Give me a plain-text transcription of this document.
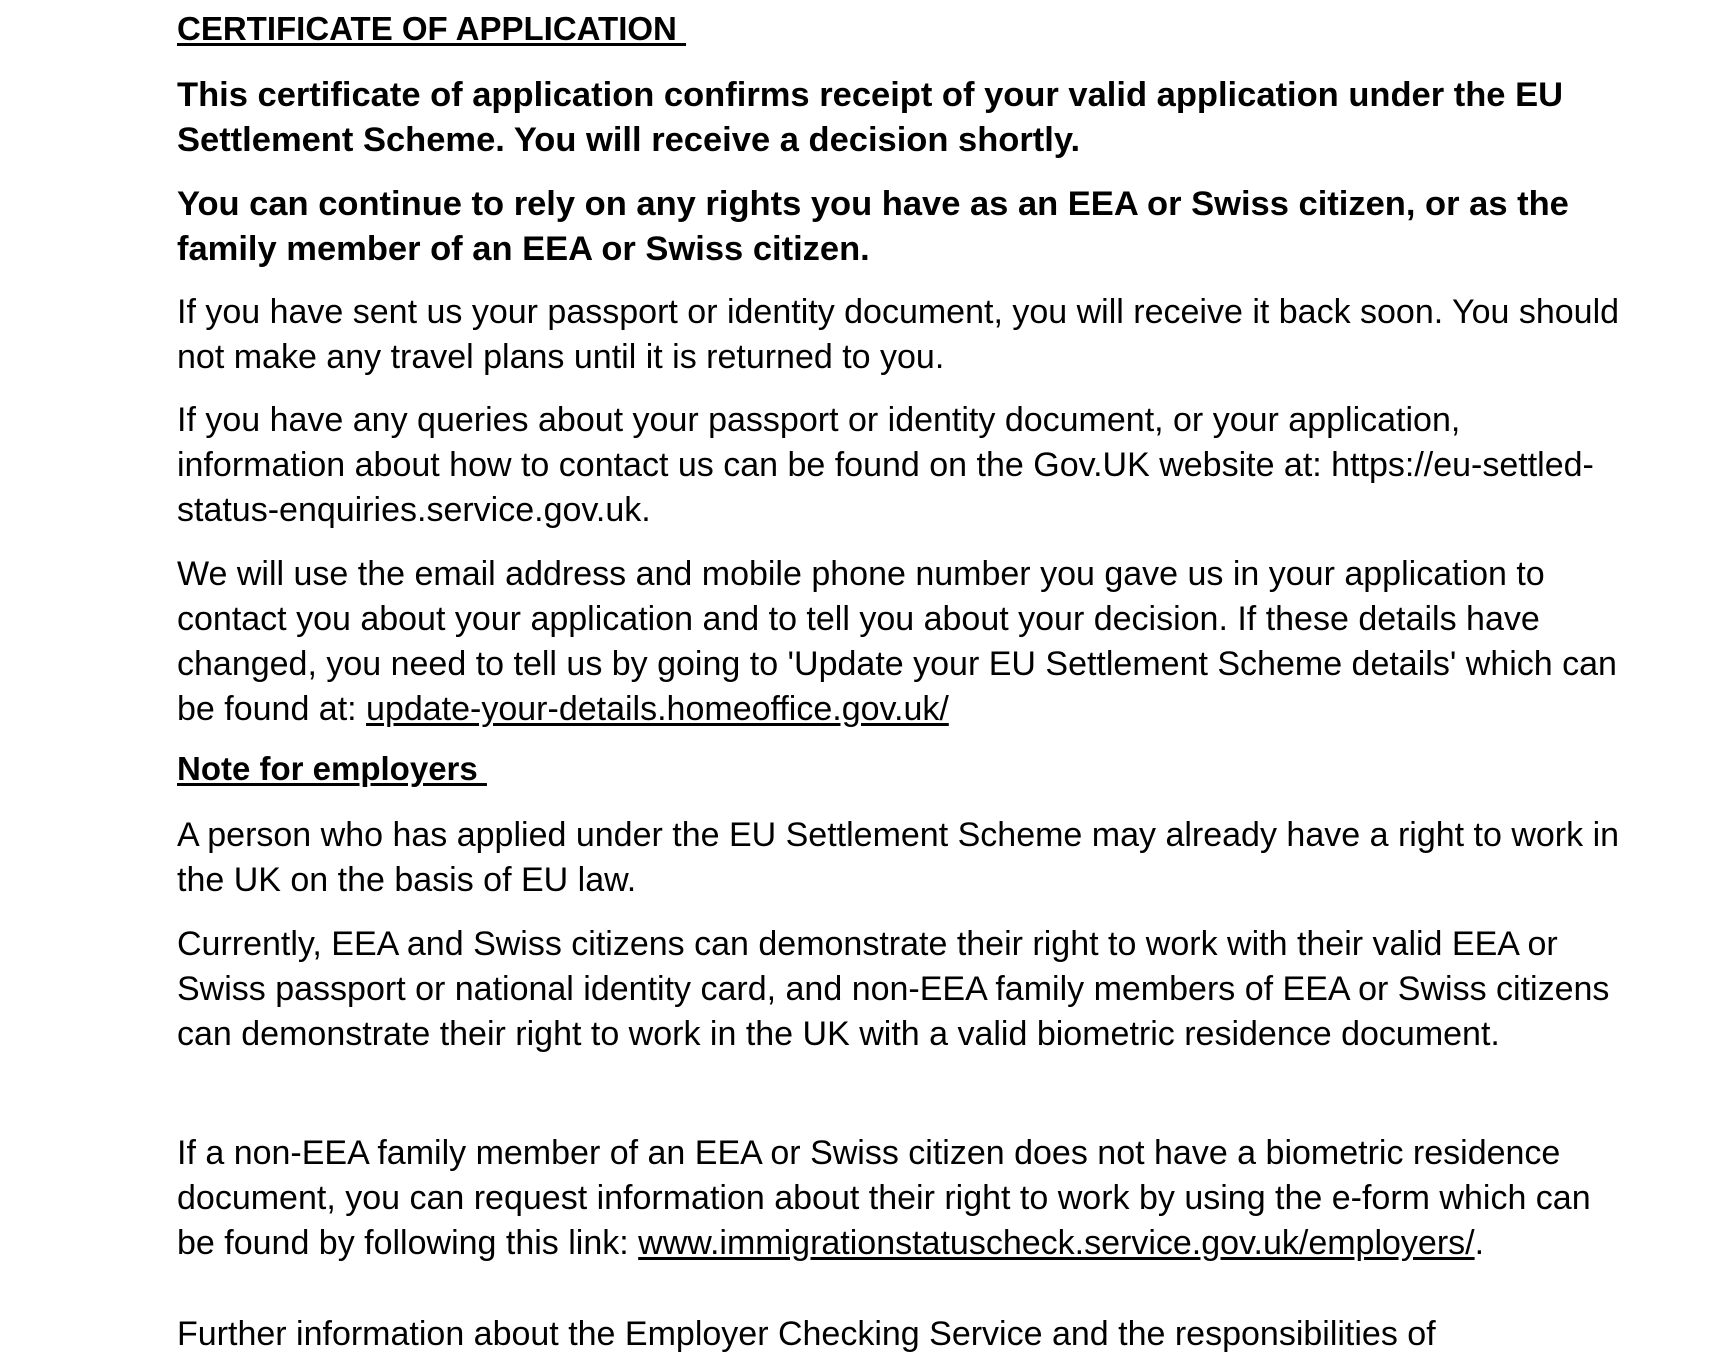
CERTIFICATE OF APPLICATION

This certificate of application confirms receipt of your valid application under the EU Settlement Scheme. You will receive a decision shortly.

You can continue to rely on any rights you have as an EEA or Swiss citizen, or as the family member of an EEA or Swiss citizen.

If you have sent us your passport or identity document, you will receive it back soon. You should not make any travel plans until it is returned to you.

If you have any queries about your passport or identity document, or your application, information about how to contact us can be found on the Gov.UK website at: https://eu-settled-status-enquiries.service.gov.uk.

We will use the email address and mobile phone number you gave us in your application to contact you about your application and to tell you about your decision. If these details have changed, you need to tell us by going to 'Update your EU Settlement Scheme details' which can be found at: update-your-details.homeoffice.gov.uk/

Note for employers

A person who has applied under the EU Settlement Scheme may already have a right to work in the UK on the basis of EU law.

Currently, EEA and Swiss citizens can demonstrate their right to work with their valid EEA or Swiss passport or national identity card, and non-EEA family members of EEA or Swiss citizens can demonstrate their right to work in the UK with a valid biometric residence document.

If a non-EEA family member of an EEA or Swiss citizen does not have a biometric residence document, you can request information about their right to work by using the e-form which can be found by following this link: www.immigrationstatuscheck.service.gov.uk/employers/.

Further information about the Employer Checking Service and the responsibilities of
